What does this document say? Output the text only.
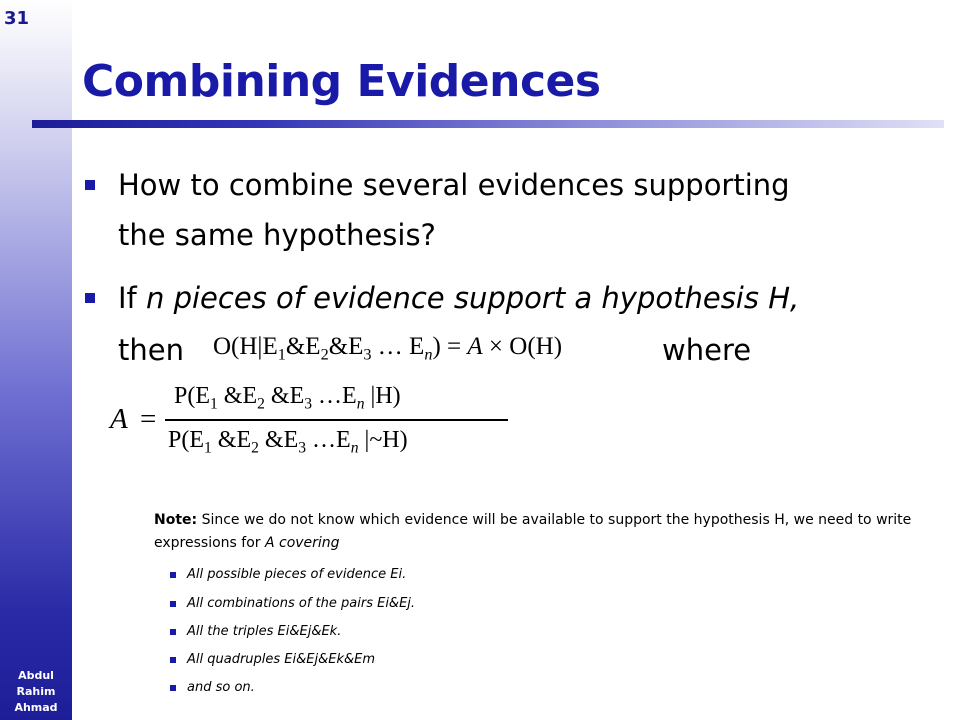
31
Abdul
Rahim
Ahmad
Combining Evidences
How to combine several evidences supporting
the same hypothesis?
If n pieces of evidence support a hypothesis H,
then $O(H|E_1\&E_2\&E_3$ … $E_n) = A \times O(H)$	where
A =
$P(E_1$ $\&E_2$ $\&E_3$ $\dots E_n$ |H)
$P(E_1$ $\&E_2$ $\&E_3$ $\dots E_n$ |~H)
Note: Since we do not know which evidence will be available to support the hypothesis H, we need to write expressions for A covering
All possible pieces of evidence Ei.
All combinations of the pairs Ei&Ej.
All the triples Ei&Ej&Ek.
All quadruples Ei&Ej&Ek&Em
and so on.
